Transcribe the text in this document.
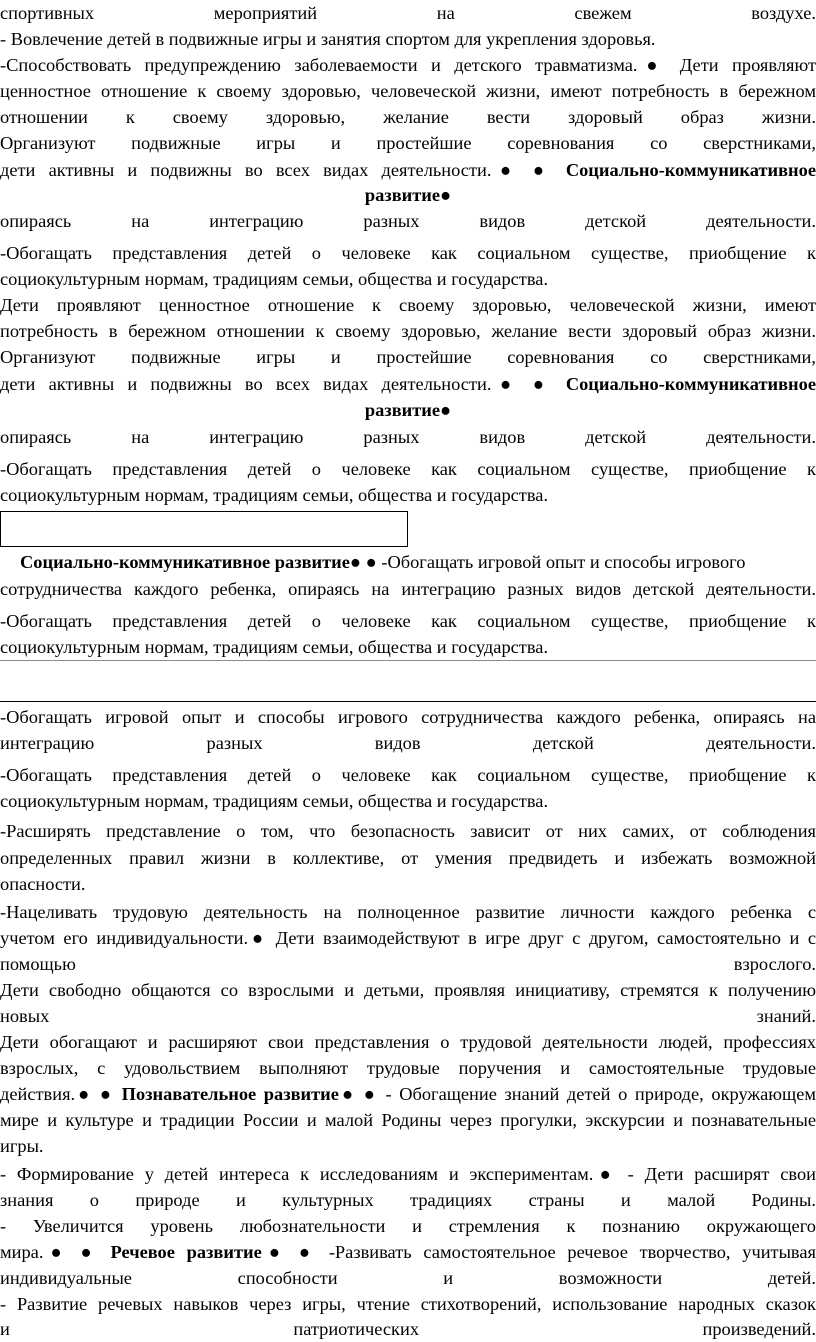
спортивных мероприятий на свежем воздухе.
- Вовлечение детей в подвижные игры и занятия спортом для укрепления здоровья.
-Способствовать предупреждению заболеваемости и детского травматизма.● Дети проявляют
ценностное отношение к своему здоровью, человеческой жизни, имеют потребность в бережном
отношении к своему здоровью, желание вести здоровый образ жизни.
Организуют подвижные игры и простейшие соревнования со сверстниками,
дети активны и подвижны во всех видах деятельности.● ● Социально-коммуникативное
развитие●
опираясь на интеграцию разных видов детской деятельности.
-Обогащать представления детей о человеке как социальном существе, приобщение к
социокультурным нормам, традициям семьи, общества и государства.
Дети проявляют ценностное отношение к своему здоровью, человеческой жизни, имеют
потребность в бережном отношении к своему здоровью, желание вести здоровый образ жизни.
Организуют подвижные игры и простейшие соревнования со сверстниками,
дети активны и подвижны во всех видах деятельности.● ● Социально-коммуникативное
развитие●
опираясь на интеграцию разных видов детской деятельности.
-Обогащать представления детей о человеке как социальном существе, приобщение к
социокультурным нормам, традициям семьи, общества и государства.
Социально-коммуникативное развитие● ● -Обогащать игровой опыт и способы игрового
сотрудничества каждого ребенка, опираясь на интеграцию разных видов детской деятельности.
-Обогащать представления детей о человеке как социальном существе, приобщение к
социокультурным нормам, традициям семьи, общества и государства.
-Обогащать игровой опыт и способы игрового сотрудничества каждого ребенка, опираясь на
интеграцию разных видов детской деятельности.
-Обогащать представления детей о человеке как социальном существе, приобщение к
социокультурным нормам, традициям семьи, общества и государства.
-Расширять представление о том, что безопасность зависит от них самих, от соблюдения
определенных правил жизни в коллективе, от умения предвидеть и избежать возможной
опасности.
-Нацеливать трудовую деятельность на полноценное развитие личности каждого ребенка с
учетом его индивидуальности.● Дети взаимодействуют в игре друг с другом, самостоятельно и с
помощью взрослого.
Дети свободно общаются со взрослыми и детьми, проявляя инициативу, стремятся к получению
новых знаний.
Дети обогащают и расширяют свои представления о трудовой деятельности людей, профессиях
взрослых, с удовольствием выполняют трудовые поручения и самостоятельные трудовые
действия.● ● Познавательное развитие● ● - Обогащение знаний детей о природе, окружающем
мире и культуре и традиции России и малой Родины через прогулки, экскурсии и познавательные
игры.
- Формирование у детей интереса к исследованиям и экспериментам.● - Дети расширят свои
знания о природе и культурных традициях страны и малой Родины.
- Увеличится уровень любознательности и стремления к познанию окружающего
мира.● ● Речевое развитие● ● -Развивать самостоятельное речевое творчество, учитывая
индивидуальные способности и возможности детей.
- Развитие речевых навыков через игры, чтение стихотворений, использование народных сказок
и патриотических произведений.
